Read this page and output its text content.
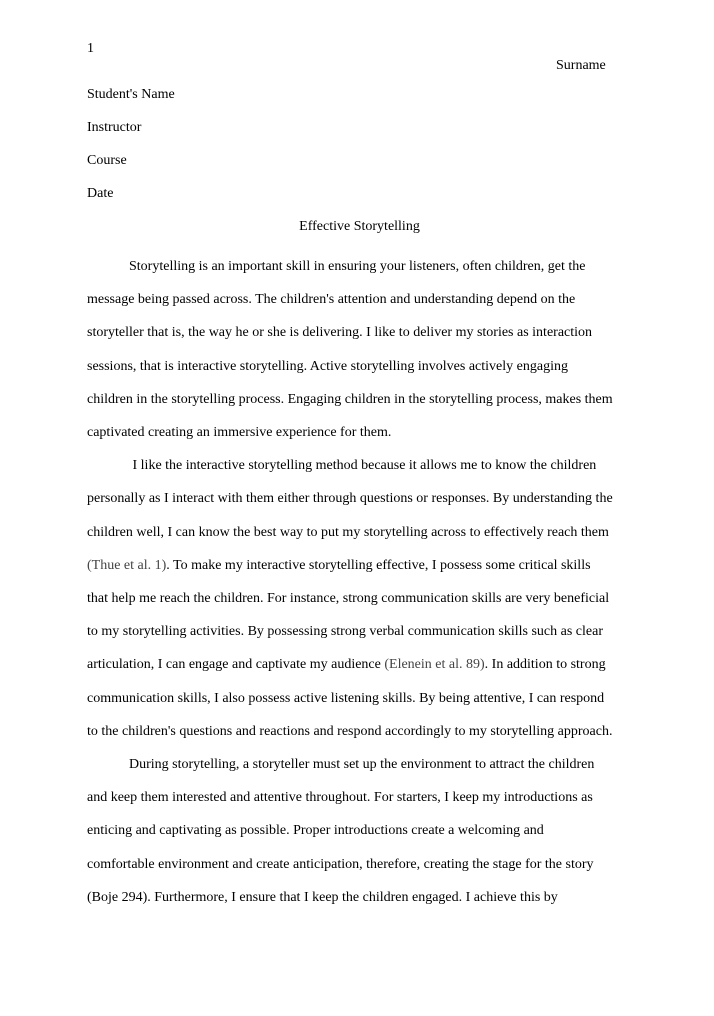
1
Surname
Student's Name
Instructor
Course
Date
Effective Storytelling
Storytelling is an important skill in ensuring your listeners, often children, get the
message being passed across. The children's attention and understanding depend on the
storyteller that is, the way he or she is delivering. I like to deliver my stories as interaction
sessions, that is interactive storytelling. Active storytelling involves actively engaging
children in the storytelling process. Engaging children in the storytelling process, makes them
captivated creating an immersive experience for them.
I like the interactive storytelling method because it allows me to know the children
personally as I interact with them either through questions or responses. By understanding the
children well, I can know the best way to put my storytelling across to effectively reach them
(Thue et al. 1). To make my interactive storytelling effective, I possess some critical skills
that help me reach the children. For instance, strong communication skills are very beneficial
to my storytelling activities. By possessing strong verbal communication skills such as clear
articulation, I can engage and captivate my audience (Elenein et al. 89). In addition to strong
communication skills, I also possess active listening skills. By being attentive, I can respond
to the children's questions and reactions and respond accordingly to my storytelling approach.
During storytelling, a storyteller must set up the environment to attract the children
and keep them interested and attentive throughout. For starters, I keep my introductions as
enticing and captivating as possible. Proper introductions create a welcoming and
comfortable environment and create anticipation, therefore, creating the stage for the story
(Boje 294). Furthermore, I ensure that I keep the children engaged. I achieve this by
